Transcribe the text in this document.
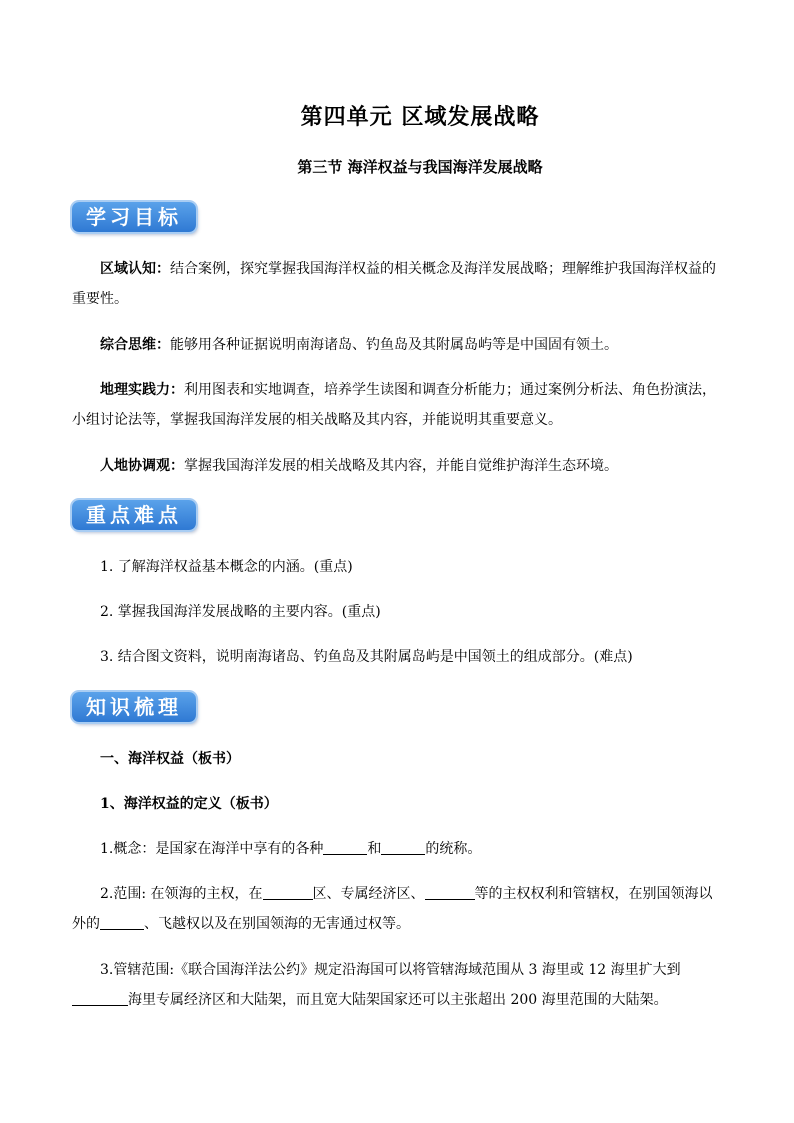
第四单元 区域发展战略
第三节 海洋权益与我国海洋发展战略
学习目标
区域认知：结合案例，探究掌握我国海洋权益的相关概念及海洋发展战略；理解维护我国海洋权益的重要性。
综合思维：能够用各种证据说明南海诸岛、钓鱼岛及其附属岛屿等是中国固有领土。
地理实践力：利用图表和实地调查，培养学生读图和调查分析能力；通过案例分析法、角色扮演法，小组讨论法等，掌握我国海洋发展的相关战略及其内容，并能说明其重要意义。
人地协调观：掌握我国海洋发展的相关战略及其内容，并能自觉维护海洋生态环境。
重点难点
1. 了解海洋权益基本概念的内涵。(重点)
2. 掌握我国海洋发展战略的主要内容。(重点)
3. 结合图文资料，说明南海诸岛、钓鱼岛及其附属岛屿是中国领土的组成部分。(难点)
知识梳理
一、海洋权益（板书）
1、海洋权益的定义（板书）
1.概念：是国家在海洋中享有的各种	和	的统称。
2.范围: 在领海的主权，在	区、专属经济区、	等的主权权利和管辖权，在别国领海以外的	、飞越权以及在别国领海的无害通过权等。
3.管辖范围:《联合国海洋法公约》规定沿海国可以将管辖海域范围从 3 海里或 12 海里扩大到海里专属经济区和大陆架，而且宽大陆架国家还可以主张超出 200 海里范围的大陆架。
